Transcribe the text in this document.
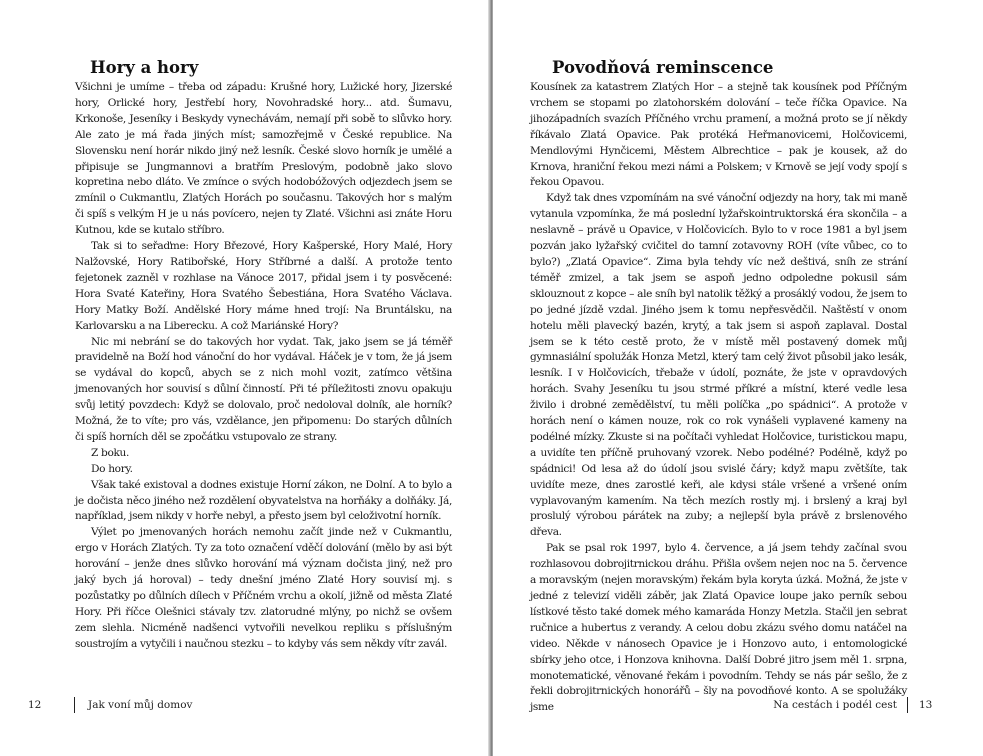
Hory a hory

Všichni je umíme – třeba od západu: Krušné hory, Lužické hory, Jizerské hory, Orlické hory, Jestřebí hory, Novohradské hory... atd. Šumavu, Krkonoše, Jeseníky i Beskydy vynechávám, nemají při sobě to slůvko hory. Ale zato je má řada jiných míst; samozřejmě v České republice. Na Slovensku není horár nikdo jiný než lesník. České slovo horník je umělé a připisuje se Jungmannovi a bratřím Preslovým, podobně jako slovo kopretina nebo dláto. Ve zmínce o svých hodobóžových odjezdech jsem se zmínil o Cukmantlu, Zlatých Horách po současnu. Takových hor s malým či spíš s velkým H je u nás povícero, nejen ty Zlaté. Všichni asi znáte Horu Kutnou, kde se kutalo stříbro.

Tak si to seřaďme: Hory Březové, Hory Kašperské, Hory Malé, Hory Nalžovské, Hory Ratibořské, Hory Stříbrné a další. A protože tento fejetonek zazněl v rozhlase na Vánoce 2017, přidal jsem i ty posvěcené: Hora Svaté Kateřiny, Hora Svatého Šebestiána, Hora Svatého Václava. Hory Matky Boží. Andělské Hory máme hned trojí: Na Bruntálsku, na Karlovarsku a na Liberecku. A což Mariánské Hory?

Nic mi nebrání se do takových hor vydat. Tak, jako jsem se já téměř pravidelně na Boží hod vánoční do hor vydával. Háček je v tom, že já jsem se vydával do kopců, abych se z nich mohl vozit, zatímco většina jmenovaných hor souvisí s důlní činností. Při té příležitosti znovu opakuju svůj letitý povzdech: Když se dolovalo, proč nedoloval dolník, ale horník? Možná, že to víte; pro vás, vzdělance, jen připomenu: Do starých důlních či spíš horních děl se zpočátku vstupovalo ze strany.

Z boku.

Do hory.

Však také existoval a dodnes existuje Horní zákon, ne Dolní. A to bylo a je dočista něco jiného než rozdělení obyvatelstva na horňáky a dolňáky. Já, například, jsem nikdy v horře nebyl, a přesto jsem byl celoživotní horník.

Výlet po jmenovaných horách nemohu začít jinde než v Cukmantlu, ergo v Horách Zlatých. Ty za toto označení vděčí dolování (mělo by asi být horování – jenže dnes slůvko horování má význam dočista jiný, než pro jaký bych já horoval) – tedy dnešní jméno Zlaté Hory souvisí mj. s pozůstatky po důlních dílech v Příčném vrchu a okolí, jižně od města Zlaté Hory. Při říčce Olešnici stávaly tzv. zlatorudné mlýny, po nichž se ovšem zem slehla. Nicméně nadšenci vytvořili nevelkou repliku s příslušným soustrojím a vytyčili i naučnou stezku – to kdyby vás sem někdy vítr zavál.

12	Jak voní můj domov
Povodňová reminscence

Kousínek za katastrem Zlatých Hor – a stejně tak kousínek pod Příčným vrchem se stopami po zlatohorském dolování – teče říčka Opavice. Na jihozápadních svazích Příčného vrchu pramení, a možná proto se jí někdy říkávalo Zlatá Opavice. Pak protéká Heřmanovicemi, Holčovicemi, Mendlovými Hynčicemi, Městem Albrechtice – pak je kousek, až do Krnova, hraniční řekou mezi námi a Polskem; v Krnově se její vody spojí s řekou Opavou.

Když tak dnes vzpomínám na své vánoční odjezdy na hory, tak mi maně vytanula vzpomínka, že má poslední lyžařskointruktorská éra skončila – a neslavně – právě u Opavice, v Holčovicích. Bylo to v roce 1981 a byl jsem pozván jako lyžařský cvičitel do tamní zotavovny ROH (víte vůbec, co to bylo?) „Zlatá Opavice“. Zima byla tehdy víc než deštivá, sníh ze strání téměř zmizel, a tak jsem se aspoň jedno odpoledne pokusil sám sklouznout z kopce – ale sníh byl natolik těžký a prosáklý vodou, že jsem to po jedné jízdě vzdal. Jiného jsem k tomu nepřesvědčil. Naštěstí v onom hotelu měli plavecký bazén, krytý, a tak jsem si aspoň zaplaval. Dostal jsem se k této cestě proto, že v místě měl postavený domek můj gymnasiální spolužák Honza Metzl, který tam celý život působil jako lesák, lesník. I v Holčovicích, třebaže v údolí, poznáte, že jste v opravdových horách. Svahy Jeseníku tu jsou strmé příkré a místní, které vedle lesa živilo i drobné zemědělství, tu měli políčka „po spádnici“. A protože v horách není o kámen nouze, rok co rok vynášeli vyplavené kameny na podélné mízky. Zkuste si na počítači vyhledat Holčovice, turistickou mapu, a uvidíte ten příčně pruhovaný vzorek. Nebo podélné? Podélně, když po spádnici! Od lesa až do údolí jsou svislé čáry; když mapu zvětšíte, tak uvidíte meze, dnes zarostlé keři, ale kdysi stále vršené a vršené oním vyplavovaným kamením. Na těch mezích rostly mj. i brslený a kraj byl proslulý výrobou párátek na zuby; a nejlepší byla právě z brslenového dřeva.

Pak se psal rok 1997, bylo 4. července, a já jsem tehdy začínal svou rozhlasovou dobrojitrnickou dráhu. Přišla ovšem nejen noc na 5. července a moravským (nejen moravským) řekám byla koryta úzká. Možná, že jste v jedné z televizí viděli záběr, jak Zlatá Opavice loupe jako perník sebou lístkové těsto také domek mého kamaráda Honzy Metzla. Stačil jen sebrat ručnice a hubertus z verandy. A celou dobu zkázu svého domu natáčel na video. Někde v nánosech Opavice je i Honzovo auto, i entomologické sbírky jeho otce, i Honzova knihovna. Další Dobré jitro jsem měl 1. srpna, monotematické, věnované řekám i povodním. Tehdy se nás pár sešlo, že z řekli dobrojitrnických honorářů – šly na povodňové konto. A se spolužáky jsme	Na cestách i podél cest 13
